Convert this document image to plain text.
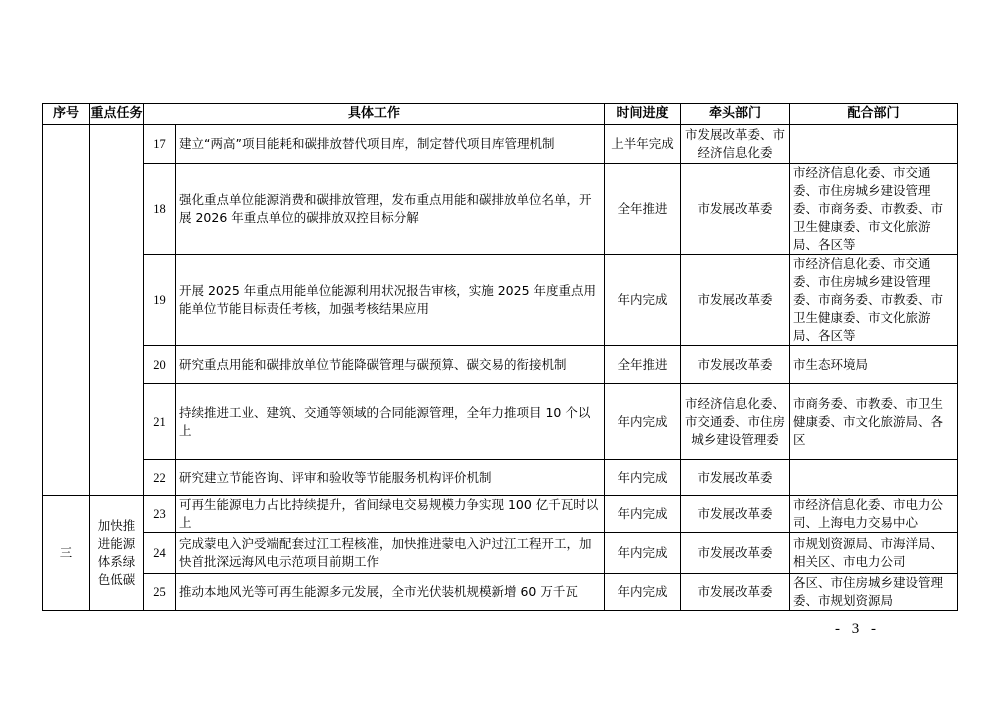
序号	重点任务	具体工作		时间进度	牵头部门	配合部门
		17	建立“两高”项目能耗和碳排放替代项目库，制定替代项目库管理机制	上半年完成	市发展改革委、市经济信息化委	
		18	强化重点单位能源消费和碳排放管理，发布重点用能和碳排放单位名单，开展 2026 年重点单位的碳排放双控目标分解	全年推进	市发展改革委	市经济信息化委、市交通委、市住房城乡建设管理委、市商务委、市教委、市卫生健康委、市文化旅游局、各区等
		19	开展 2025 年重点用能单位能源利用状况报告审核，实施 2025 年度重点用能单位节能目标责任考核，加强考核结果应用	年内完成	市发展改革委	市经济信息化委、市交通委、市住房城乡建设管理委、市商务委、市教委、市卫生健康委、市文化旅游局、各区等
		20	研究重点用能和碳排放单位节能降碳管理与碳预算、碳交易的衔接机制	全年推进	市发展改革委	市生态环境局
		21	持续推进工业、建筑、交通等领域的合同能源管理，全年力推项目 10 个以上	年内完成	市经济信息化委、市交通委、市住房城乡建设管理委	市商务委、市教委、市卫生健康委、市文化旅游局、各区
		22	研究建立节能咨询、评审和验收等节能服务机构评价机制	年内完成	市发展改革委	
三	加快推进能源体系绿色低碳	23	可再生能源电力占比持续提升，省间绿电交易规模力争实现 100 亿千瓦时以上	年内完成	市发展改革委	市经济信息化委、市电力公司、上海电力交易中心
		24	完成蒙电入沪受端配套过江工程核准，加快推进蒙电入沪过江工程开工，加快首批深远海风电示范项目前期工作	年内完成	市发展改革委	市规划资源局、市海洋局、相关区、市电力公司
		25	推动本地风光等可再生能源多元发展，全市光伏装机规模新增 60 万千瓦	年内完成	市发展改革委	各区、市住房城乡建设管理委、市规划资源局
- 3 -
